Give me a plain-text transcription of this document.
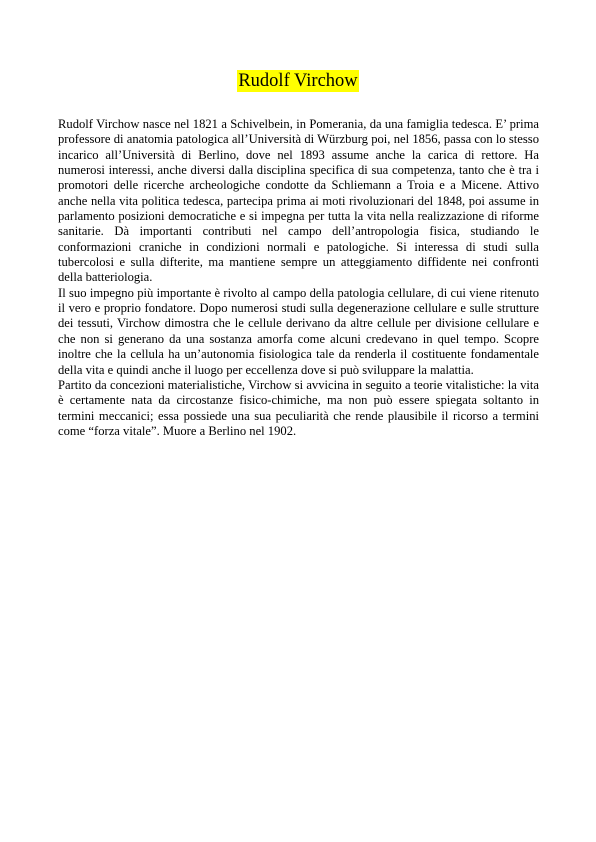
Rudolf Virchow

Rudolf Virchow nasce nel 1821 a Schivelbein, in Pomerania, da una famiglia tedesca. E’ prima professore di anatomia patologica all’Università di Würzburg poi, nel 1856, passa con lo stesso incarico all’Università di Berlino, dove nel 1893 assume anche la carica di rettore. Ha numerosi interessi, anche diversi dalla disciplina specifica di sua competenza, tanto che è tra i promotori delle ricerche archeologiche condotte da Schliemann a Troia e a Micene. Attivo anche nella vita politica tedesca, partecipa prima ai moti rivoluzionari del 1848, poi assume in parlamento posizioni democratiche e si impegna per tutta la vita nella realizzazione di riforme sanitarie. Dà importanti contributi nel campo dell’antropologia fisica, studiando le conformazioni craniche in condizioni normali e patologiche. Si interessa di studi sulla tubercolosi e sulla difterite, ma mantiene sempre un atteggiamento diffidente nei confronti della batteriologia.

Il suo impegno più importante è rivolto al campo della patologia cellulare, di cui viene ritenuto il vero e proprio fondatore. Dopo numerosi studi sulla degenerazione cellulare e sulle strutture dei tessuti, Virchow dimostra che le cellule derivano da altre cellule per divisione cellulare e che non si generano da una sostanza amorfa come alcuni credevano in quel tempo. Scopre inoltre che la cellula ha un’autonomia fisiologica tale da renderla il costituente fondamentale della vita e quindi anche il luogo per eccellenza dove si può sviluppare la malattia.

Partito da concezioni materialistiche, Virchow si avvicina in seguito a teorie vitalistiche: la vita è certamente nata da circostanze fisico-chimiche, ma non può essere spiegata soltanto in termini meccanici; essa possiede una sua peculiarità che rende plausibile il ricorso a termini come “forza vitale”. Muore a Berlino nel 1902.
